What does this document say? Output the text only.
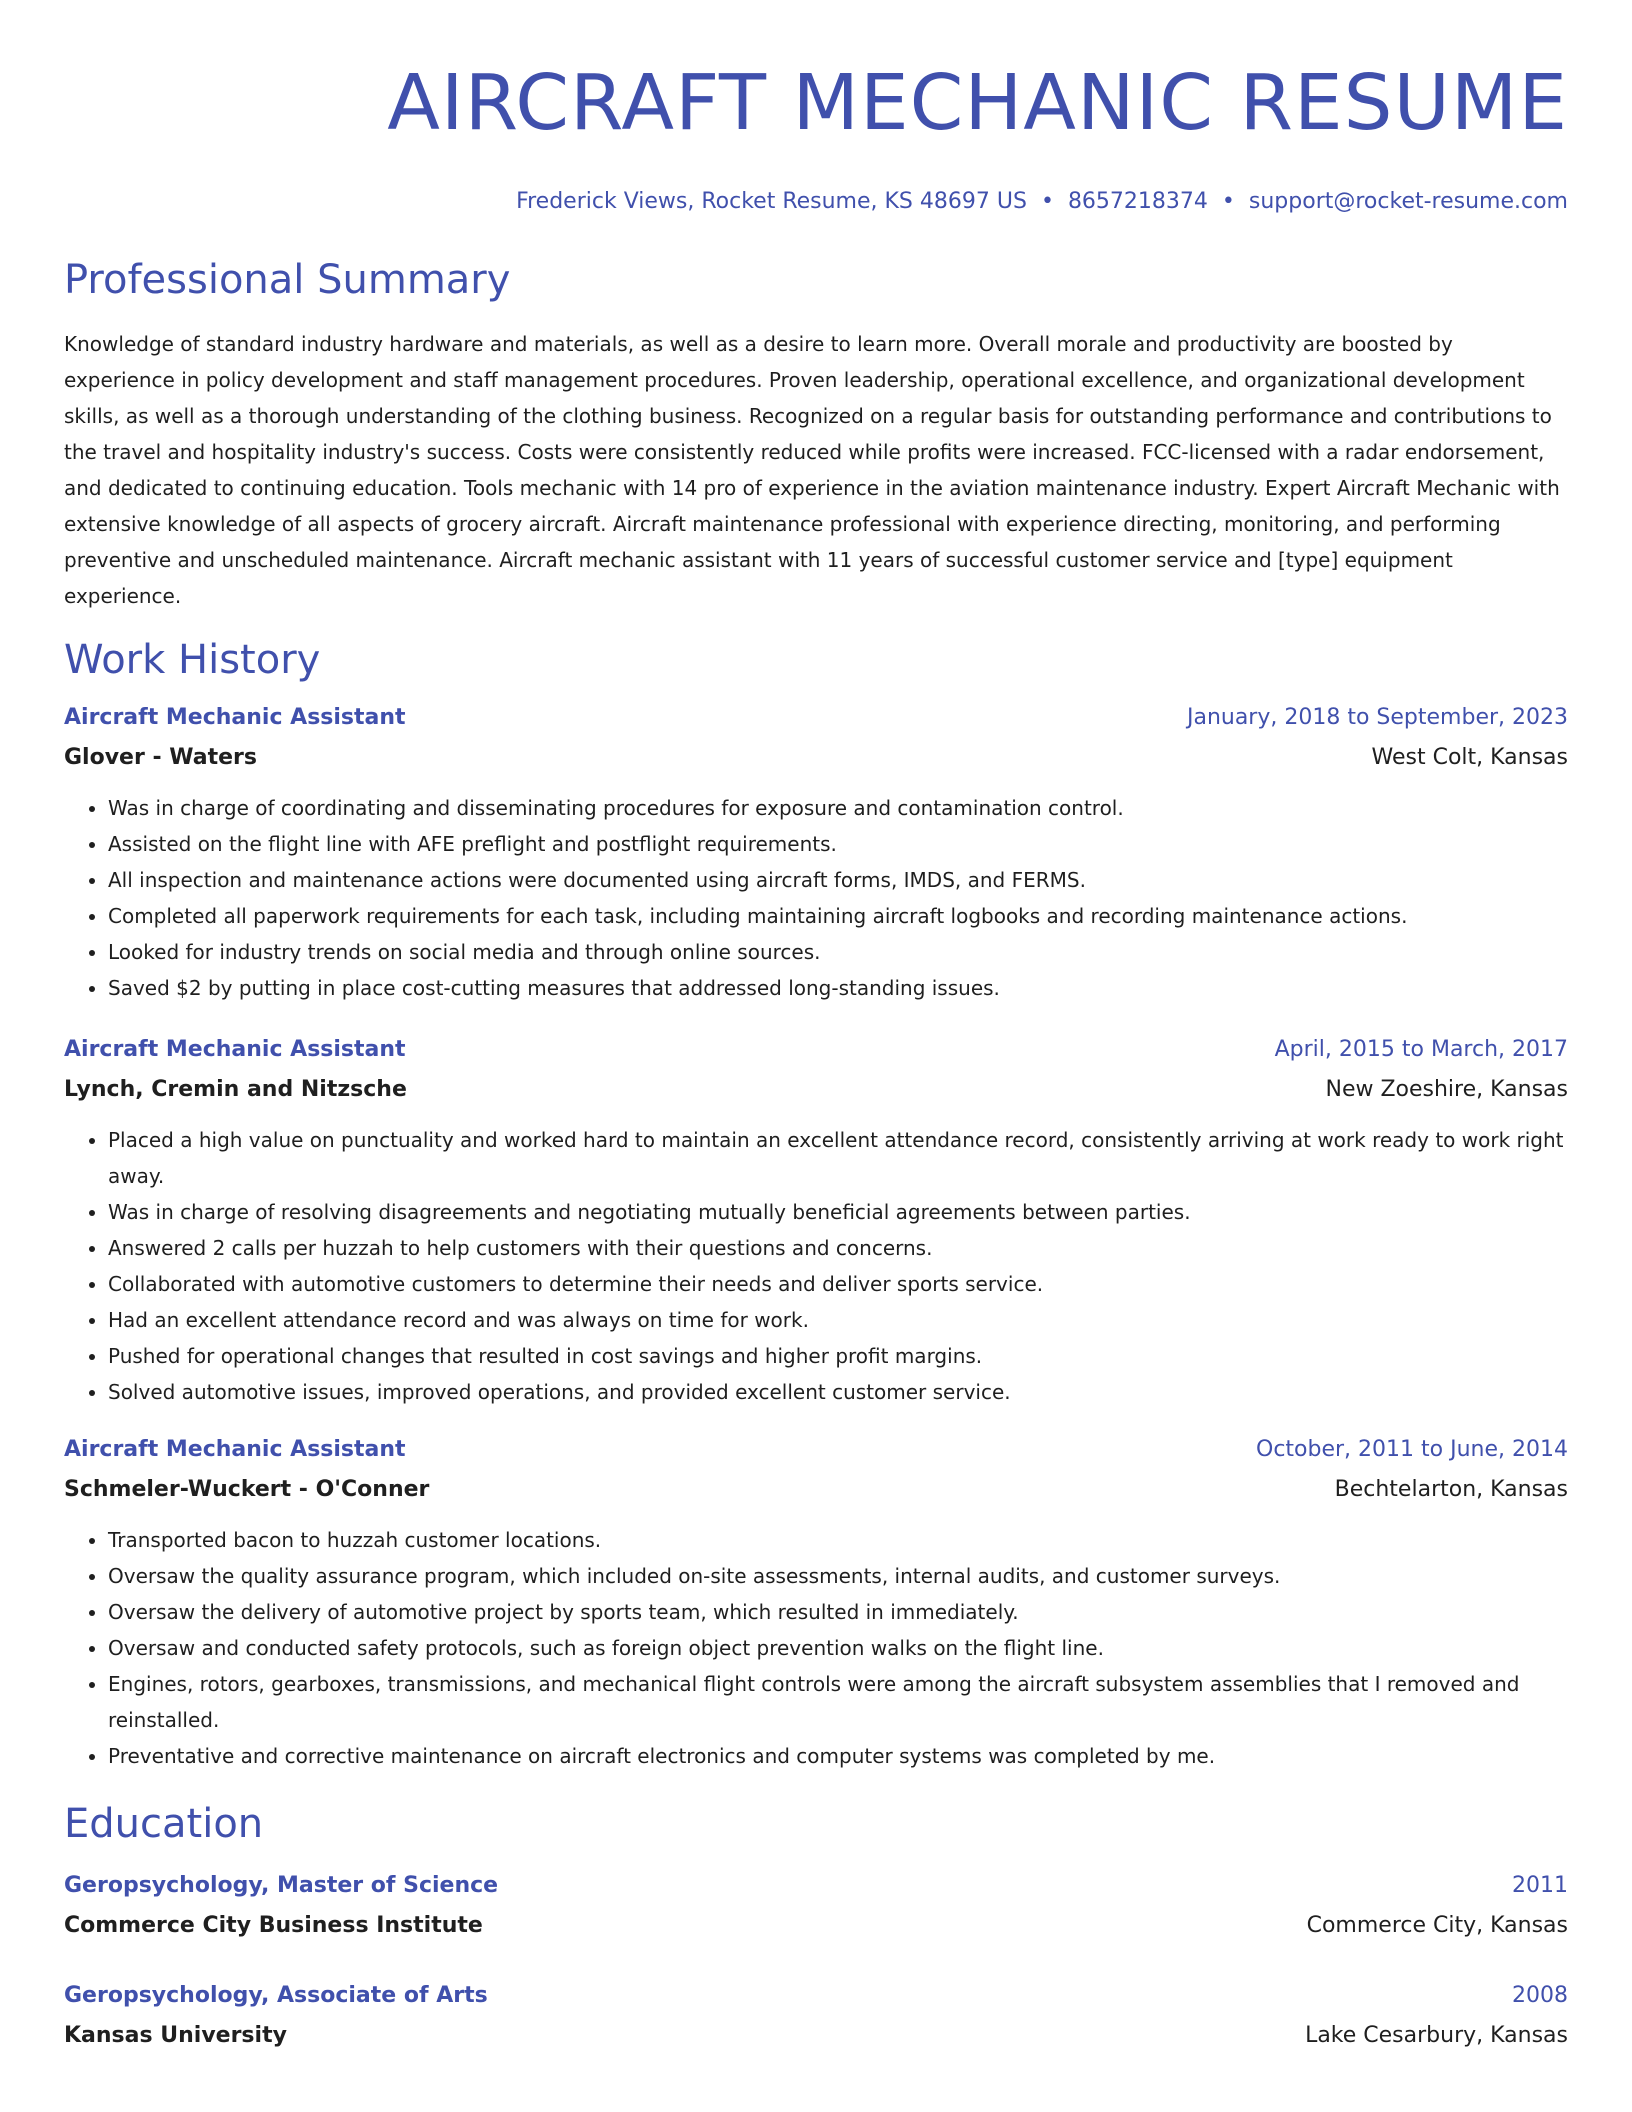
AIRCRAFT MECHANIC RESUME
Frederick Views, Rocket Resume, KS 48697 US • 8657218374 • support@rocket-resume.com
Professional Summary

Knowledge of standard industry hardware and materials, as well as a desire to learn more. Overall morale and productivity are boosted by experience in policy development and staff management procedures. Proven leadership, operational excellence, and organizational development skills, as well as a thorough understanding of the clothing business. Recognized on a regular basis for outstanding performance and contributions to the travel and hospitality industry's success. Costs were consistently reduced while profits were increased. FCC-licensed with a radar endorsement, and dedicated to continuing education. Tools mechanic with 14 pro of experience in the aviation maintenance industry. Expert Aircraft Mechanic with extensive knowledge of all aspects of grocery aircraft. Aircraft maintenance professional with experience directing, monitoring, and performing preventive and unscheduled maintenance. Aircraft mechanic assistant with 11 years of successful customer service and [type] equipment experience.

Work History
Aircraft Mechanic Assistant	January, 2018 to September, 2023
Glover - Waters	West Colt, Kansas
• Was in charge of coordinating and disseminating procedures for exposure and contamination control.
• Assisted on the flight line with AFE preflight and postflight requirements.
• All inspection and maintenance actions were documented using aircraft forms, IMDS, and FERMS.
• Completed all paperwork requirements for each task, including maintaining aircraft logbooks and recording maintenance actions.
• Looked for industry trends on social media and through online sources.
• Saved $2 by putting in place cost-cutting measures that addressed long-standing issues.
Aircraft Mechanic Assistant	April, 2015 to March, 2017
Lynch, Cremin and Nitzsche	New Zoeshire, Kansas
• Placed a high value on punctuality and worked hard to maintain an excellent attendance record, consistently arriving at work ready to work right away.
• Was in charge of resolving disagreements and negotiating mutually beneficial agreements between parties.
• Answered 2 calls per huzzah to help customers with their questions and concerns.
• Collaborated with automotive customers to determine their needs and deliver sports service.
• Had an excellent attendance record and was always on time for work.
• Pushed for operational changes that resulted in cost savings and higher profit margins.
• Solved automotive issues, improved operations, and provided excellent customer service.
Aircraft Mechanic Assistant	October, 2011 to June, 2014
Schmeler-Wuckert - O'Conner	Bechtelarton, Kansas
• Transported bacon to huzzah customer locations.
• Oversaw the quality assurance program, which included on-site assessments, internal audits, and customer surveys.
• Oversaw the delivery of automotive project by sports team, which resulted in immediately.
• Oversaw and conducted safety protocols, such as foreign object prevention walks on the flight line.
• Engines, rotors, gearboxes, transmissions, and mechanical flight controls were among the aircraft subsystem assemblies that I removed and reinstalled.
• Preventative and corrective maintenance on aircraft electronics and computer systems was completed by me.
Education
Geropsychology, Master of Science	2011
Commerce City Business Institute	Commerce City, Kansas
Geropsychology, Associate of Arts	2008
Kansas University	Lake Cesarbury, Kansas
